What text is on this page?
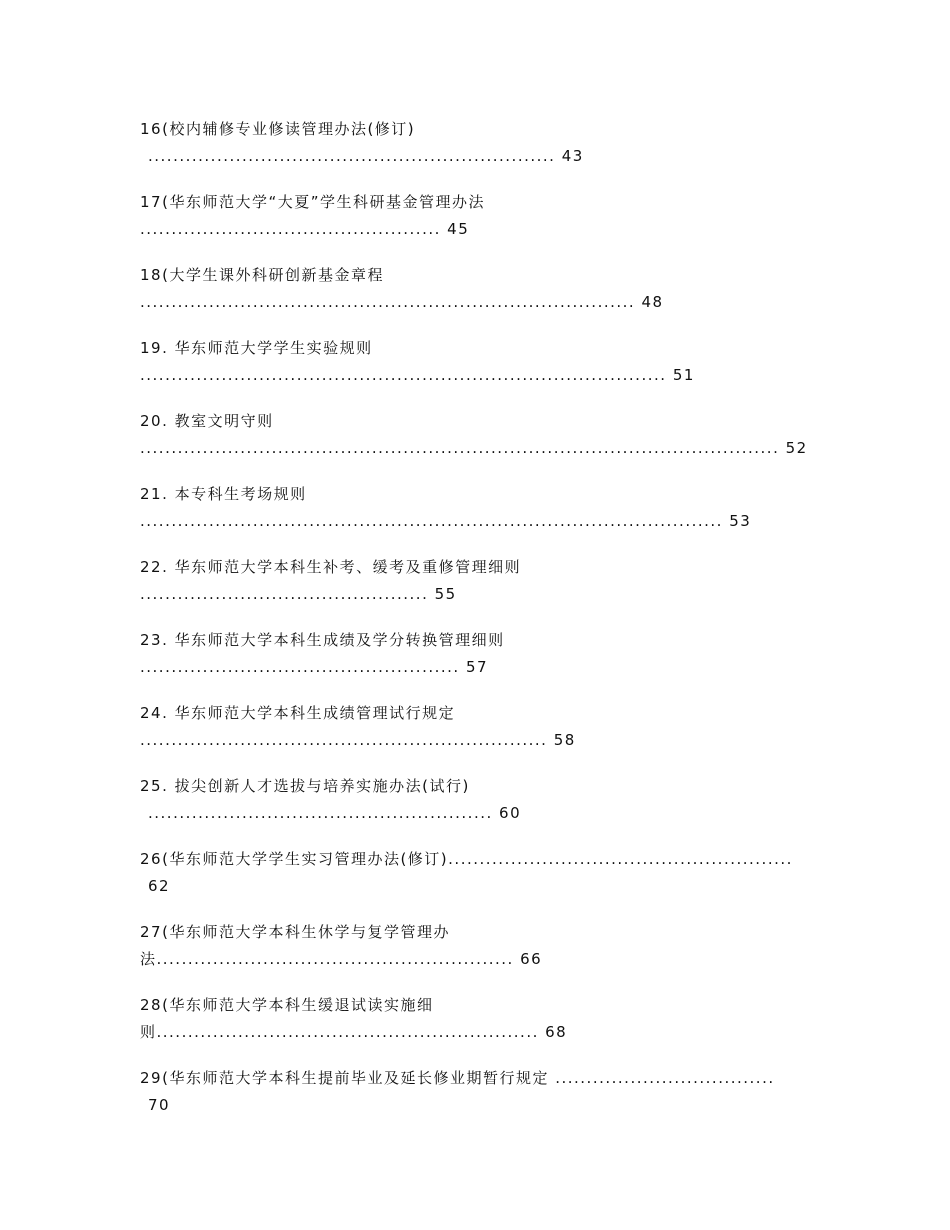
16(校内辅修专业修读管理办法(修订)
................................................................. 43
17(华东师范大学“大夏”学生科研基金管理办法
................................................ 45
18(大学生课外科研创新基金章程
............................................................................... 48
19. 华东师范大学学生实验规则
.................................................................................... 51
20. 教室文明守则
...................................................................................................... 52
21. 本专科生考场规则
............................................................................................. 53
22. 华东师范大学本科生补考、缓考及重修管理细则
.............................................. 55
23. 华东师范大学本科生成绩及学分转换管理细则
................................................... 57
24. 华东师范大学本科生成绩管理试行规定
................................................................. 58
25. 拔尖创新人才选拔与培养实施办法(试行)
....................................................... 60
26(华东师范大学学生实习管理办法(修订).......................................................
62
27(华东师范大学本科生休学与复学管理办
法......................................................... 66
28(华东师范大学本科生缓退试读实施细
则............................................................. 68
29(华东师范大学本科生提前毕业及延长修业期暂行规定 ...................................
70
